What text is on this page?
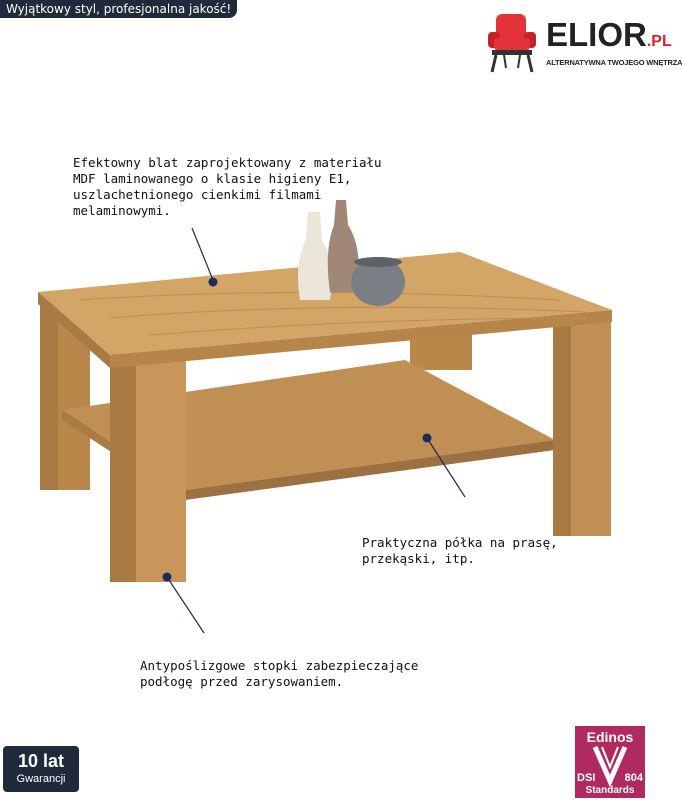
Wyjątkowy styl, profesjonalna jakość!
ELIOR.PL
ALTERNATYWNA TWOJEGO WNĘTRZA

Efektowny blat zaprojektowany z materiału
MDF laminowanego o klasie higieny E1,
uszlachetnionego cienkimi filmami
melaminowymi.

Praktyczna półka na prasę,
przekąski, itp.

Antypoślizgowe stopki zabezpieczające
podłogę przed zarysowaniem.

10 lat
Gwarancji
Edinos
DSI	804
Standards
